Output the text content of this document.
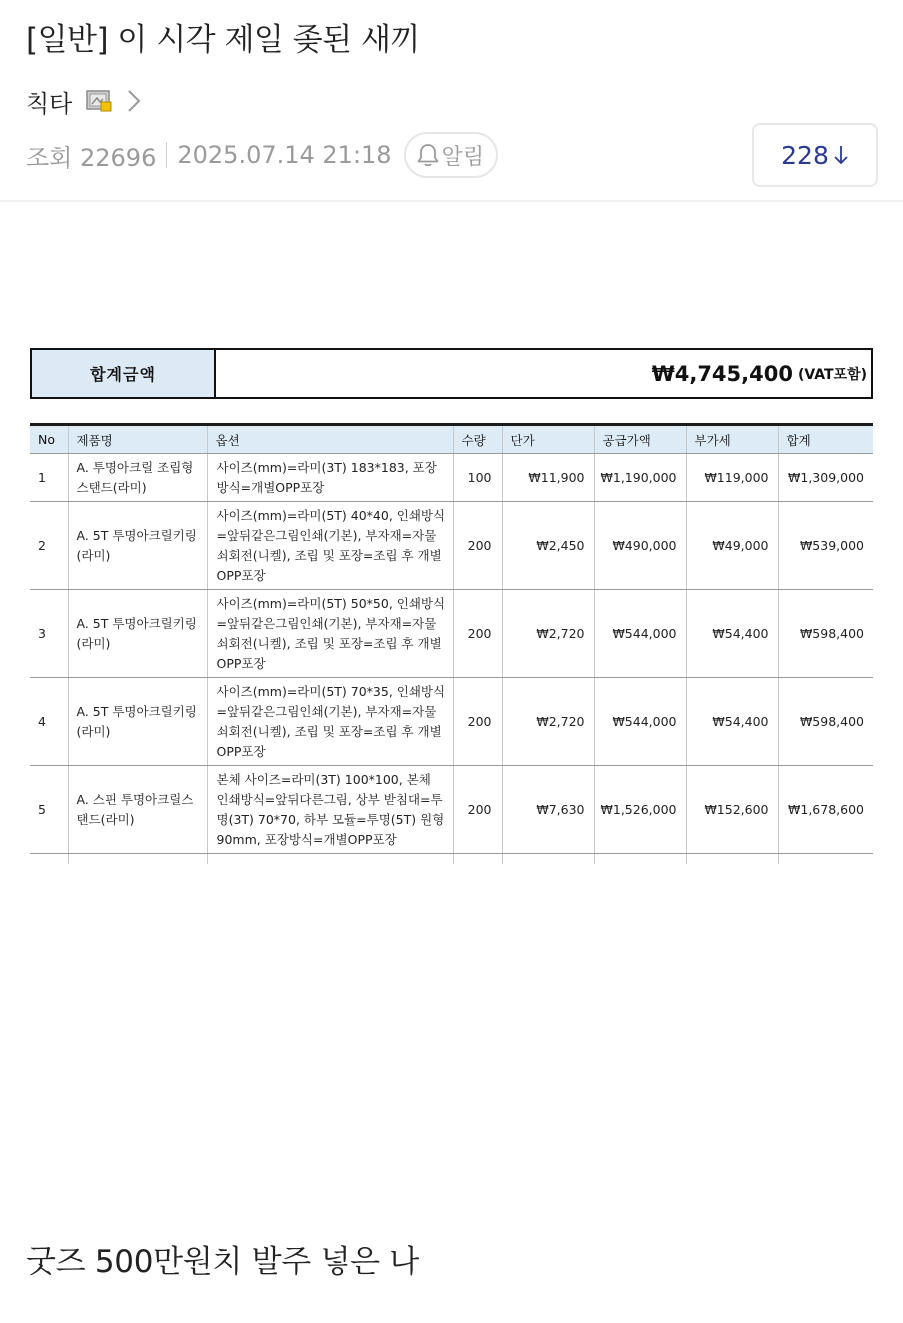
[일반] 이 시각 제일 좆된 새끼
칙타
조회 22696 2025.07.14 21:18 알림	228
합계금액	₩4,745,400 (VAT포함)
No	제품명	옵션	수량	단가	공급가액	부가세	합계
1	A. 투명아크릴 조립형 스탠드(라미)	사이즈(mm)=라미(3T) 183*183, 포장방식=개별OPP포장	100	₩11,900	₩1,190,000	₩119,000	₩1,309,000
2	A. 5T 투명아크릴키링(라미)	사이즈(mm)=라미(5T) 40*40, 인쇄방식=앞뒤같은그림인쇄(기본), 부자재=자물쇠회전(니켈), 조립 및 포장=조립 후 개별OPP포장	200	₩2,450	₩490,000	₩49,000	₩539,000
3	A. 5T 투명아크릴키링(라미)	사이즈(mm)=라미(5T) 50*50, 인쇄방식=앞뒤같은그림인쇄(기본), 부자재=자물쇠회전(니켈), 조립 및 포장=조립 후 개별OPP포장	200	₩2,720	₩544,000	₩54,400	₩598,400
4	A. 5T 투명아크릴키링(라미)	사이즈(mm)=라미(5T) 70*35, 인쇄방식=앞뒤같은그림인쇄(기본), 부자재=자물쇠회전(니켈), 조립 및 포장=조립 후 개별OPP포장	200	₩2,720	₩544,000	₩54,400	₩598,400
5	A. 스핀 투명아크릴스탠드(라미)	본체 사이즈=라미(3T) 100*100, 본체 인쇄방식=앞뒤다른그림, 상부 받침대=투명(3T) 70*70, 하부 모듈=투명(5T) 원형 90mm, 포장방식=개별OPP포장	200	₩7,630	₩1,526,000	₩152,600	₩1,678,600

굿즈 500만원치 발주 넣은 나
